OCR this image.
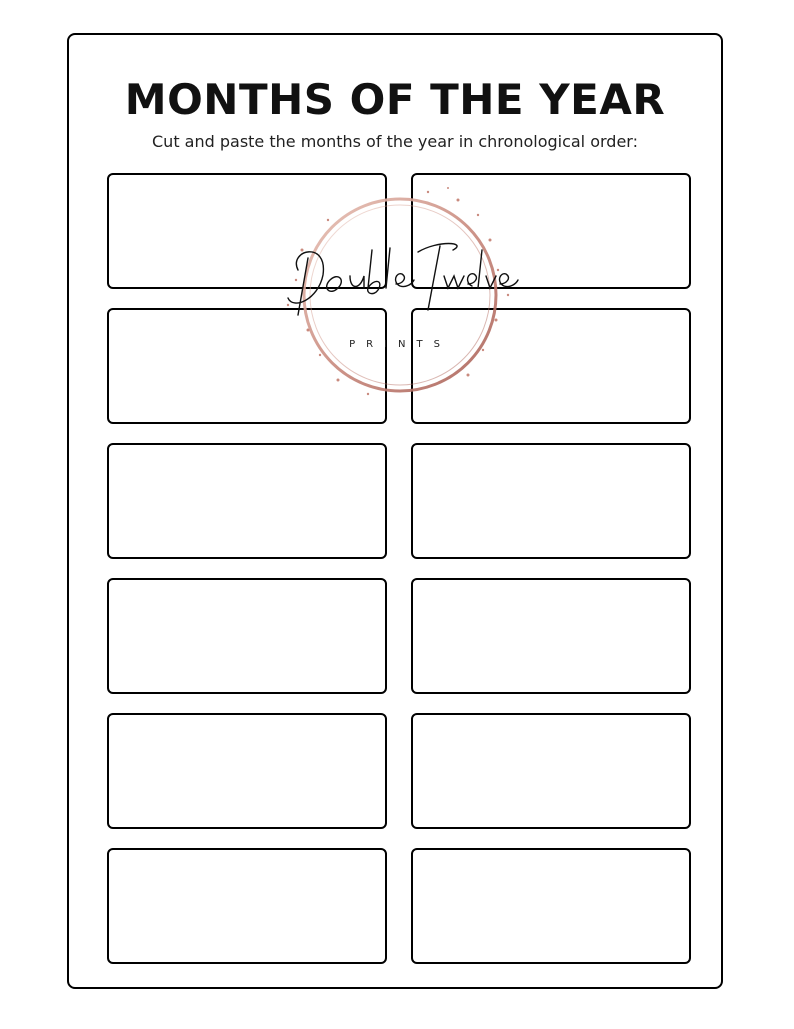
MONTHS OF THE YEAR
Cut and paste the months of the year in chronological order:
PRINTS
